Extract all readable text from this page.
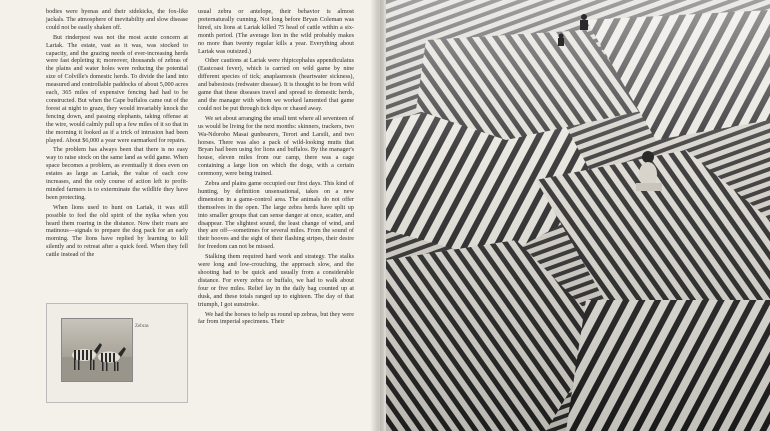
bodies were hyenas and their sidekicks, the fox-like jackals. The atmosphere of inevitability and slow disease could not be easily shaken off.

But rinderpest was not the most acute concern at Lariak. The estate, vast as it was, was stocked to capacity, and the grazing needs of ever-increasing herds were fast depleting it; moreover, thousands of zebras of the plains and water holes were reducing the potential size of Colville's domestic herds. To divide the land into measured and controllable paddocks of about 5,000 acres each, 365 miles of expensive fencing had had to be constructed. But when the Cape buffalos came out of the forest at night to graze, they would invariably knock the fencing down, and passing elephants, taking offense at the wire, would calmly pull up a few miles of it so that in the morning it looked as if a trick of intrusion had been played. About $6,000 a year were earmarked for repairs.

The problem has always been that there is no easy way to raise stock on the same land as wild game. When space becomes a problem, as eventually it does even on estates as large as Lariak, the value of each cow increases, and the only course of action left to profit-minded farmers is to exterminate the wildlife they have been protecting.

When lions used to hunt on Lariak, it was still possible to feel the old spirit of the nyika when you heard them roaring in the distance. Now their roars are matinous—signals to prepare the dog pack for an early morning. The lions have replied by learning to kill silently and to retreat after a quick feed. When they fell cattle instead of the

usual zebra or antelope, their behavior is almost preternaturally cunning. Not long before Bryan Coleman was hired, six lions at Lariak killed 75 head of cattle within a six-month period. (The average lion in the wild probably makes no more than twenty regular kills a year. Everything about Lariak was outsized.)

Other cautions at Lariak were rhipicephalus appendiculatus (Eastcoast fever), which is carried on wild game by nine different species of tick; anaplasmosis (heartwater sickness), and babesiosis (redwater disease). It is thought to be from wild game that these diseases travel and spread to domestic herds, and the manager with whom we worked lamented that game could not be put through tick dips or chased away.

We set about arranging the small tent where all seventeen of us would be living for the next months: skinners, trackers, two Wa-Ndorobo Masai gunbearers, Terori and Larsili, and two horses. There was also a pack of wild-looking mutts that Bryan had been using for lions and buffalos. By the manager's house, eleven miles from our camp, there was a cage containing a large lion on which the dogs, with a certain ceremony, were being trained.

Zebra and plains game occupied our first days. This kind of hunting, by definition unsensational, takes on a new dimension in a game-control area. The animals do not offer themselves in the open. The large zebra herds have split up into smaller groups that can sense danger at once, scatter, and disappear. The slightest sound, the least change of wind, and they are off—sometimes for several miles. From the sound of their hooves and the sight of their flashing stripes, their desire for freedom can not be missed.

Stalking them required hard work and strategy. The stalks were long and low-crouching, the approach slow, and the shooting had to be quick and usually from a considerable distance. For every zebra or buffalo, we had to walk about four or five miles. Relief lay in the daily bag counted up at dusk, and these totals ranged up to eighteen. The day of that triumph, I got sunstroke.

We had the horses to help us round up zebras, but they were far from imperial specimens. Their

Zebras
